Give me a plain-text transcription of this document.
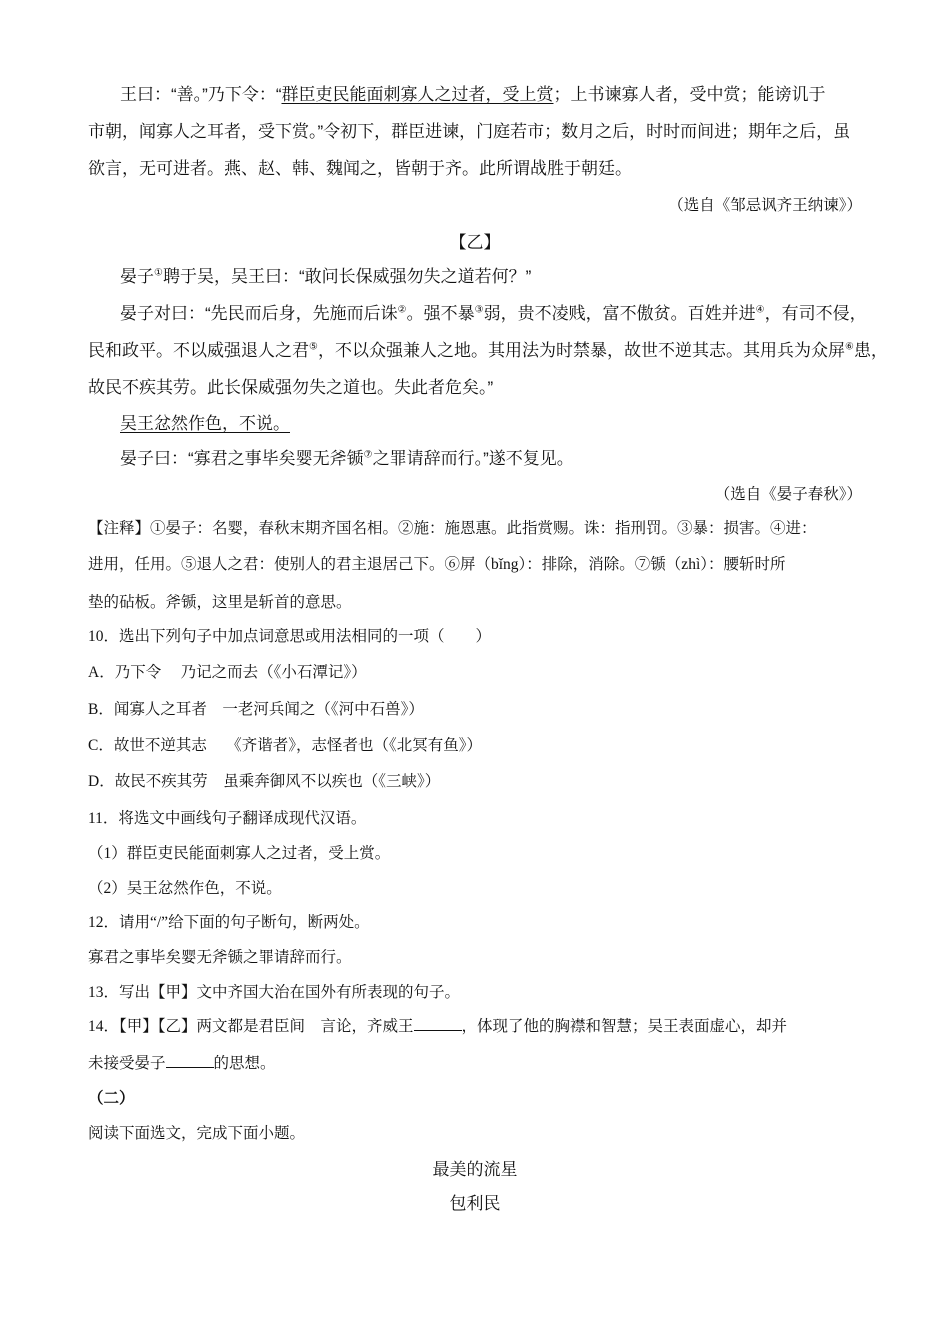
王曰：“善。”乃下令：“群臣吏民能面刺寡人之过者，受上赏；上书谏寡人者，受中赏；能谤讥于
市朝，闻寡人之耳者，受下赏。”令初下，群臣进谏，门庭若市；数月之后，时时而间进；期年之后，虽
欲言，无可进者。燕、赵、韩、魏闻之，皆朝于齐。此所谓战胜于朝廷。
（选自《邹忌讽齐王纳谏》）
【乙】
晏子①聘于吴，吴王曰：“敢问长保威强勿失之道若何？”
晏子对曰：“先民而后身，先施而后诛②。强不暴③弱，贵不凌贱，富不傲贫。百姓并进④，有司不侵，
民和政平。不以威强退人之君⑤，不以众强兼人之地。其用法为时禁暴，故世不逆其志。其用兵为众屏⑥患，
故民不疾其劳。此长保威强勿失之道也。失此者危矣。”
吴王忿然作色，不说。
晏子曰：“寡君之事毕矣婴无斧锧⑦之罪请辞而行。”遂不复见。
（选自《晏子春秋》）
【注释】①晏子：名婴，春秋末期齐国名相。②施：施恩惠。此指赏赐。诛：指刑罚。③暴：损害。④进：
进用，任用。⑤退人之君：使别人的君主退居己下。⑥屏（bǐng）：排除，消除。⑦锧（zhì）：腰斩时所
垫的砧板。斧锧，这里是斩首的意思。
10．选出下列句子中加点词意思或用法相同的一项（　　）
A．乃下令　 乃记之而去（《小石潭记》）
B．闻寡人之耳者　一老河兵闻之（《河中石兽》）
C．故世不逆其志　 《齐谐者》，志怪者也（《北冥有鱼》）
D．故民不疾其劳　虽乘奔御风不以疾也（《三峡》）
11．将选文中画线句子翻译成现代汉语。
（1）群臣吏民能面刺寡人之过者，受上赏。
（2）吴王忿然作色，不说。
12．请用“/”给下面的句子断句，断两处。
寡君之事毕矣婴无斧锧之罪请辞而行。
13．写出【甲】文中齐国大治在国外有所表现的句子。
14．【甲】【乙】两文都是君臣间　言论，齐威王	，体现了他的胸襟和智慧；吴王表面虚心，却并
未接受晏子	的思想。
（二）
阅读下面选文，完成下面小题。
最美的流星
包利民
